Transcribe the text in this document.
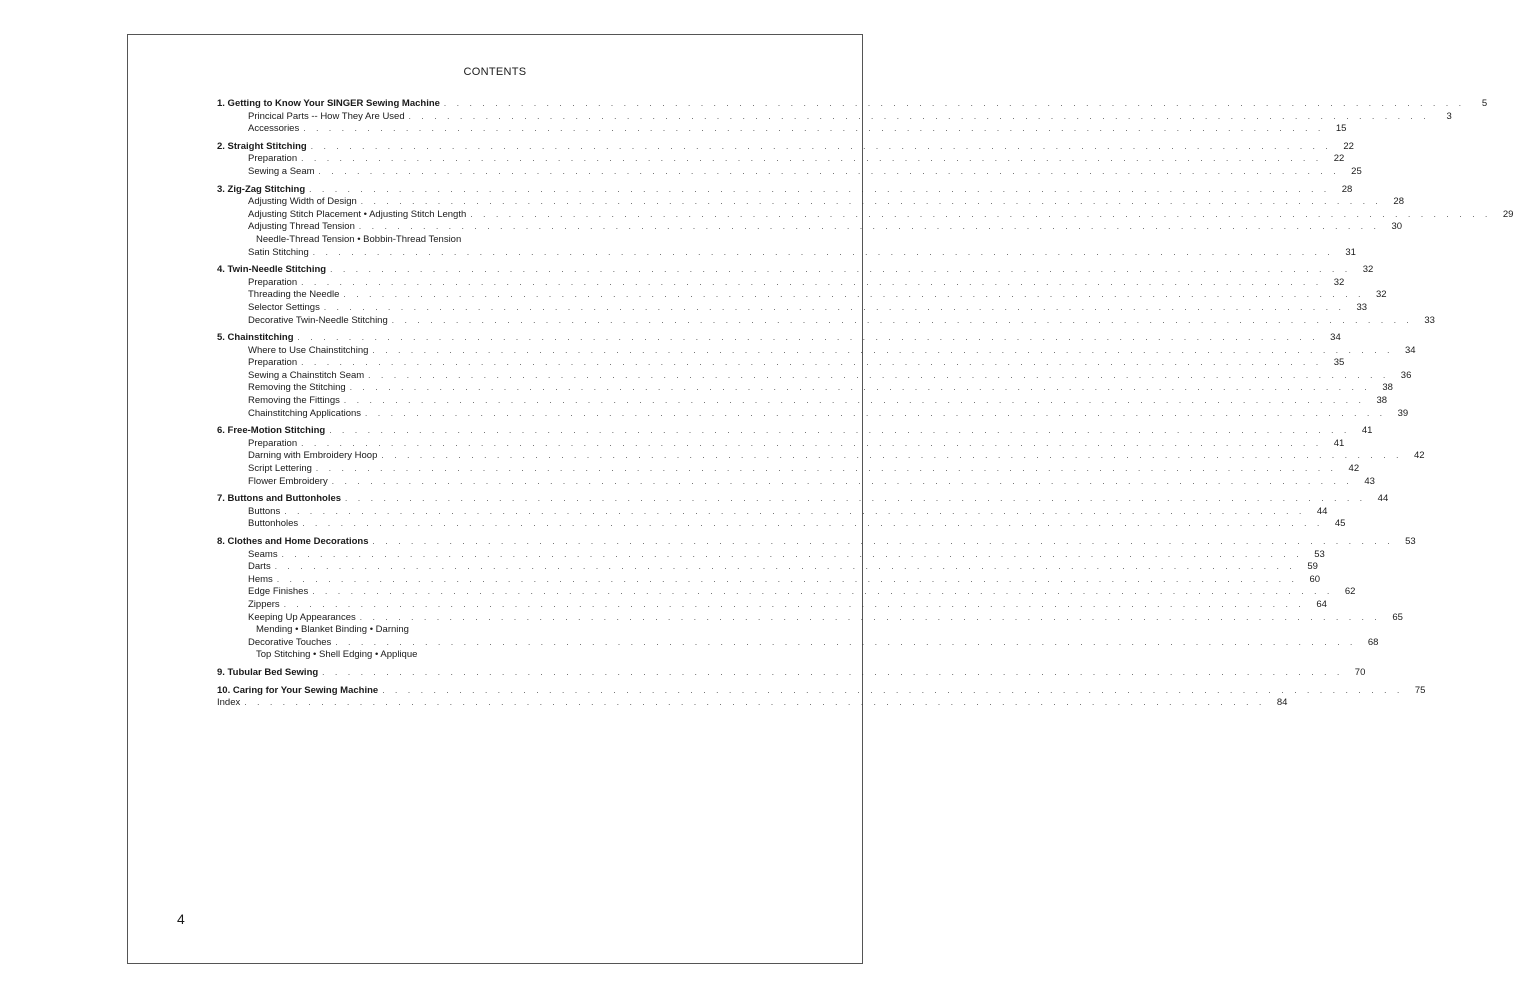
CONTENTS
1. Getting to Know Your SINGER Sewing Machine . . . . . . . . . . . . . . . . . . . . . . . . . . . . . . . . . . . . . . . . . . . . . . . . . . . . . . . . . . . . . . . . . . . . . . . . . . . . . . . .	5
Princical Parts -- How They Are Used . . . . . . . . . . . . . . . . . . . . . . . . . . . . . . . . . . . . . . . . . . . . . . . . . . . . . . . . . . . . . . . . . . . . . . . . . . . . . . . .	3
Accessories . . . . . . . . . . . . . . . . . . . . . . . . . . . . . . . . . . . . . . . . . . . . . . . . . . . . . . . . . . . . . . . . . . . . . . . . . . . . . . . .	15
2. Straight Stitching . . . . . . . . . . . . . . . . . . . . . . . . . . . . . . . . . . . . . . . . . . . . . . . . . . . . . . . . . . . . . . . . . . . . . . . . . . . . . . . .	22
Preparation . . . . . . . . . . . . . . . . . . . . . . . . . . . . . . . . . . . . . . . . . . . . . . . . . . . . . . . . . . . . . . . . . . . . . . . . . . . . . . . .	22
Sewing a Seam . . . . . . . . . . . . . . . . . . . . . . . . . . . . . . . . . . . . . . . . . . . . . . . . . . . . . . . . . . . . . . . . . . . . . . . . . . . . . . . .	25
3. Zig-Zag Stitching . . . . . . . . . . . . . . . . . . . . . . . . . . . . . . . . . . . . . . . . . . . . . . . . . . . . . . . . . . . . . . . . . . . . . . . . . . . . . . . .	28
Adjusting Width of Design . . . . . . . . . . . . . . . . . . . . . . . . . . . . . . . . . . . . . . . . . . . . . . . . . . . . . . . . . . . . . . . . . . . . . . . . . . . . . . . .	28
Adjusting Stitch Placement • Adjusting Stitch Length . . . . . . . . . . . . . . . . . . . . . . . . . . . . . . . . . . . . . . . . . . . . . . . . . . . . . . . . . . . . . . . . . . . . . . . . . . . . . . . .	29
Adjusting Thread Tension . . . . . . . . . . . . . . . . . . . . . . . . . . . . . . . . . . . . . . . . . . . . . . . . . . . . . . . . . . . . . . . . . . . . . . . . . . . . . . . .	30
Needle-Thread Tension • Bobbin-Thread Tension
Satin Stitching . . . . . . . . . . . . . . . . . . . . . . . . . . . . . . . . . . . . . . . . . . . . . . . . . . . . . . . . . . . . . . . . . . . . . . . . . . . . . . . .	31
4. Twin-Needle Stitching . . . . . . . . . . . . . . . . . . . . . . . . . . . . . . . . . . . . . . . . . . . . . . . . . . . . . . . . . . . . . . . . . . . . . . . . . . . . . . . .	32
Preparation . . . . . . . . . . . . . . . . . . . . . . . . . . . . . . . . . . . . . . . . . . . . . . . . . . . . . . . . . . . . . . . . . . . . . . . . . . . . . . . .	32
Threading the Needle . . . . . . . . . . . . . . . . . . . . . . . . . . . . . . . . . . . . . . . . . . . . . . . . . . . . . . . . . . . . . . . . . . . . . . . . . . . . . . . .	32
Selector Settings . . . . . . . . . . . . . . . . . . . . . . . . . . . . . . . . . . . . . . . . . . . . . . . . . . . . . . . . . . . . . . . . . . . . . . . . . . . . . . . .	33
Decorative Twin-Needle Stitching . . . . . . . . . . . . . . . . . . . . . . . . . . . . . . . . . . . . . . . . . . . . . . . . . . . . . . . . . . . . . . . . . . . . . . . . . . . . . . . .	33
5. Chainstitching . . . . . . . . . . . . . . . . . . . . . . . . . . . . . . . . . . . . . . . . . . . . . . . . . . . . . . . . . . . . . . . . . . . . . . . . . . . . . . . .	34
Where to Use Chainstitching . . . . . . . . . . . . . . . . . . . . . . . . . . . . . . . . . . . . . . . . . . . . . . . . . . . . . . . . . . . . . . . . . . . . . . . . . . . . . . . .	34
Preparation . . . . . . . . . . . . . . . . . . . . . . . . . . . . . . . . . . . . . . . . . . . . . . . . . . . . . . . . . . . . . . . . . . . . . . . . . . . . . . . .	35
Sewing a Chainstitch Seam . . . . . . . . . . . . . . . . . . . . . . . . . . . . . . . . . . . . . . . . . . . . . . . . . . . . . . . . . . . . . . . . . . . . . . . . . . . . . . . .	36
Removing the Stitching . . . . . . . . . . . . . . . . . . . . . . . . . . . . . . . . . . . . . . . . . . . . . . . . . . . . . . . . . . . . . . . . . . . . . . . . . . . . . . . .	38
Removing the Fittings . . . . . . . . . . . . . . . . . . . . . . . . . . . . . . . . . . . . . . . . . . . . . . . . . . . . . . . . . . . . . . . . . . . . . . . . . . . . . . . .	38
Chainstitching Applications . . . . . . . . . . . . . . . . . . . . . . . . . . . . . . . . . . . . . . . . . . . . . . . . . . . . . . . . . . . . . . . . . . . . . . . . . . . . . . . .	39
6. Free-Motion Stitching . . . . . . . . . . . . . . . . . . . . . . . . . . . . . . . . . . . . . . . . . . . . . . . . . . . . . . . . . . . . . . . . . . . . . . . . . . . . . . . .	41
Preparation . . . . . . . . . . . . . . . . . . . . . . . . . . . . . . . . . . . . . . . . . . . . . . . . . . . . . . . . . . . . . . . . . . . . . . . . . . . . . . . .	41
Darning with Embroidery Hoop . . . . . . . . . . . . . . . . . . . . . . . . . . . . . . . . . . . . . . . . . . . . . . . . . . . . . . . . . . . . . . . . . . . . . . . . . . . . . . . .	42
Script Lettering . . . . . . . . . . . . . . . . . . . . . . . . . . . . . . . . . . . . . . . . . . . . . . . . . . . . . . . . . . . . . . . . . . . . . . . . . . . . . . . .	42
Flower Embroidery . . . . . . . . . . . . . . . . . . . . . . . . . . . . . . . . . . . . . . . . . . . . . . . . . . . . . . . . . . . . . . . . . . . . . . . . . . . . . . . .	43
7. Buttons and Buttonholes . . . . . . . . . . . . . . . . . . . . . . . . . . . . . . . . . . . . . . . . . . . . . . . . . . . . . . . . . . . . . . . . . . . . . . . . . . . . . . . .	44
Buttons . . . . . . . . . . . . . . . . . . . . . . . . . . . . . . . . . . . . . . . . . . . . . . . . . . . . . . . . . . . . . . . . . . . . . . . . . . . . . . . .	44
Buttonholes . . . . . . . . . . . . . . . . . . . . . . . . . . . . . . . . . . . . . . . . . . . . . . . . . . . . . . . . . . . . . . . . . . . . . . . . . . . . . . . .	45
8. Clothes and Home Decorations . . . . . . . . . . . . . . . . . . . . . . . . . . . . . . . . . . . . . . . . . . . . . . . . . . . . . . . . . . . . . . . . . . . . . . . . . . . . . . . .	53
Seams . . . . . . . . . . . . . . . . . . . . . . . . . . . . . . . . . . . . . . . . . . . . . . . . . . . . . . . . . . . . . . . . . . . . . . . . . . . . . . . .	53
Darts . . . . . . . . . . . . . . . . . . . . . . . . . . . . . . . . . . . . . . . . . . . . . . . . . . . . . . . . . . . . . . . . . . . . . . . . . . . . . . . .	59
Hems . . . . . . . . . . . . . . . . . . . . . . . . . . . . . . . . . . . . . . . . . . . . . . . . . . . . . . . . . . . . . . . . . . . . . . . . . . . . . . . .	60
Edge Finishes . . . . . . . . . . . . . . . . . . . . . . . . . . . . . . . . . . . . . . . . . . . . . . . . . . . . . . . . . . . . . . . . . . . . . . . . . . . . . . . .	62
Zippers . . . . . . . . . . . . . . . . . . . . . . . . . . . . . . . . . . . . . . . . . . . . . . . . . . . . . . . . . . . . . . . . . . . . . . . . . . . . . . . .	64
Keeping Up Appearances . . . . . . . . . . . . . . . . . . . . . . . . . . . . . . . . . . . . . . . . . . . . . . . . . . . . . . . . . . . . . . . . . . . . . . . . . . . . . . . .	65
Mending • Blanket Binding • Darning
Decorative Touches . . . . . . . . . . . . . . . . . . . . . . . . . . . . . . . . . . . . . . . . . . . . . . . . . . . . . . . . . . . . . . . . . . . . . . . . . . . . . . . .	68
Top Stitching • Shell Edging • Applique
9. Tubular Bed Sewing . . . . . . . . . . . . . . . . . . . . . . . . . . . . . . . . . . . . . . . . . . . . . . . . . . . . . . . . . . . . . . . . . . . . . . . . . . . . . . . .	70
10. Caring for Your Sewing Machine . . . . . . . . . . . . . . . . . . . . . . . . . . . . . . . . . . . . . . . . . . . . . . . . . . . . . . . . . . . . . . . . . . . . . . . . . . . . . . . .	75
Index . . . . . . . . . . . . . . . . . . . . . . . . . . . . . . . . . . . . . . . . . . . . . . . . . . . . . . . . . . . . . . . . . . . . . . . . . . . . . . . .	84
4
